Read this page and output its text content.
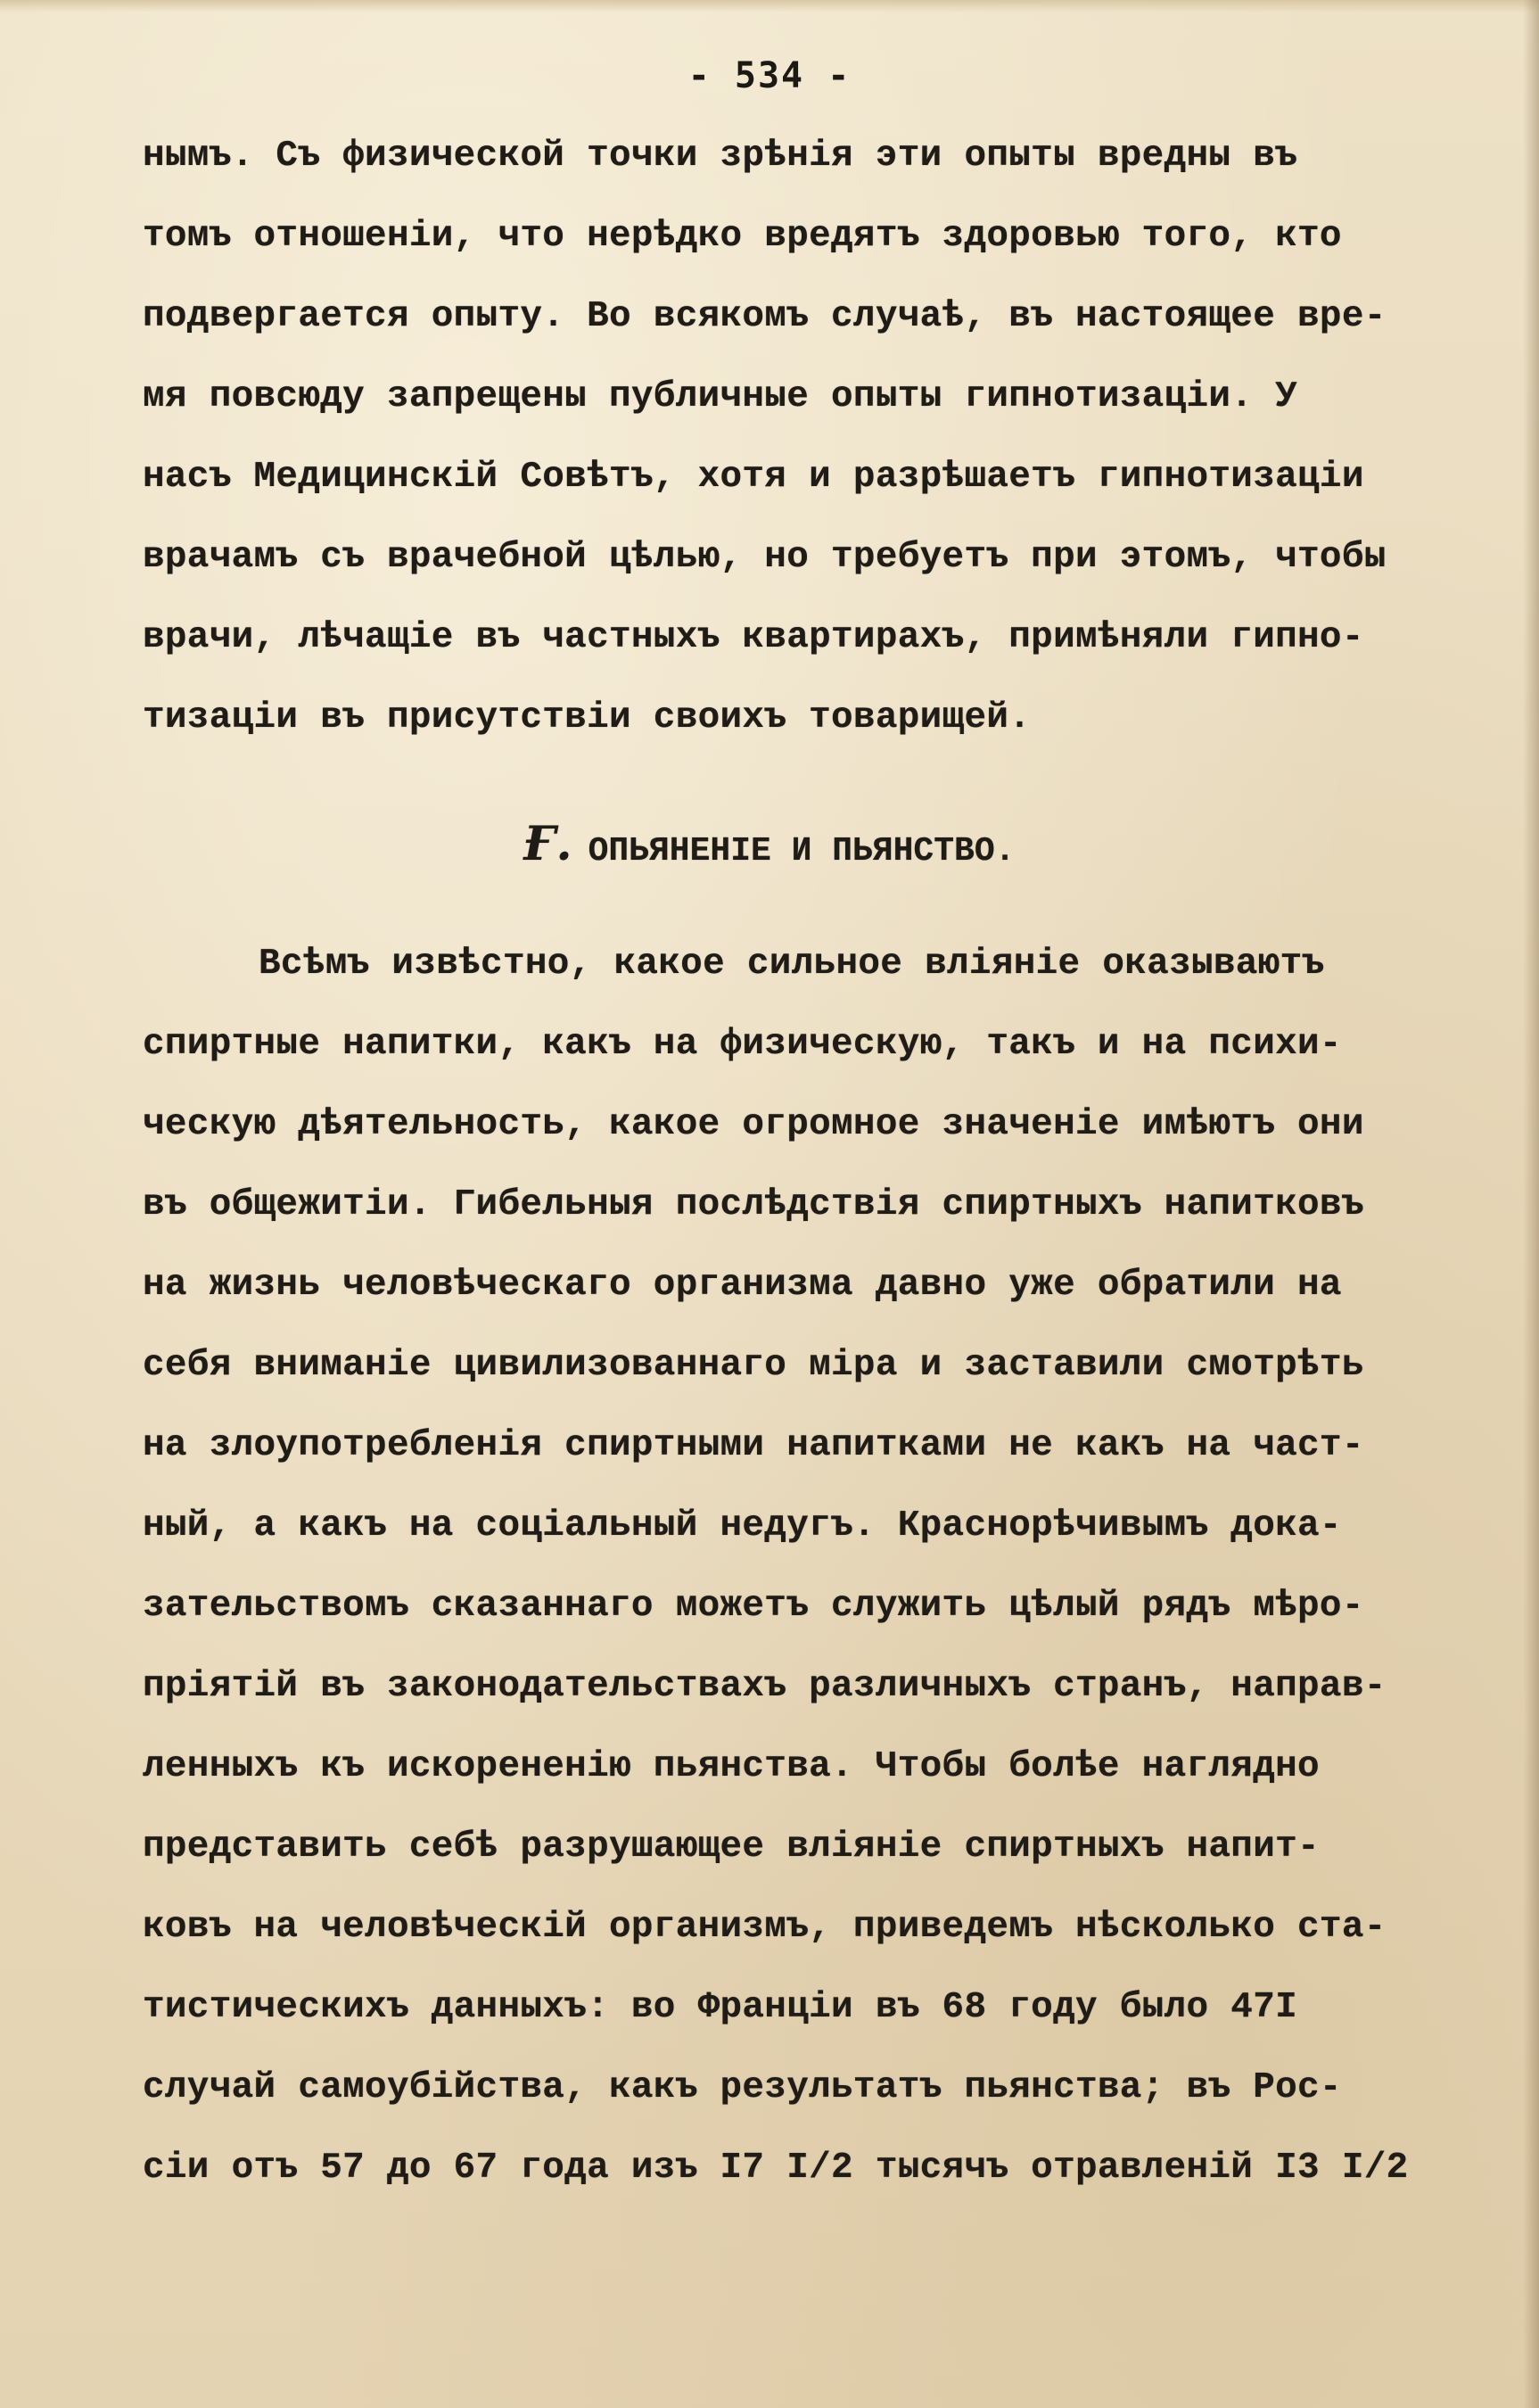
- 534 -
нымъ. Съ физической точки зрѣнія эти опыты вредны въ
томъ отношеніи, что нерѣдко вредятъ здоровью того, кто
подвергается опыту. Во всякомъ случаѣ, въ настоящее вре-
мя повсюду запрещены публичные опыты гипнотизаціи. У
насъ Медицинскій Совѣтъ, хотя и разрѣшаетъ гипнотизаціи
врачамъ съ врачебной цѣлью, но требуетъ при этомъ, чтобы
врачи, лѣчащіе въ частныхъ квартирахъ, примѣняли гипно-
тизаціи въ присутствіи своихъ товарищей.
Ғ. ОПЬЯНЕНІЕ И ПЬЯНСТВО.
Всѣмъ извѣстно, какое сильное вліяніе оказываютъ
спиртные напитки, какъ на физическую, такъ и на психи-
ческую дѣятельность, какое огромное значеніе имѣютъ они
въ общежитіи. Гибельныя послѣдствія спиртныхъ напитковъ
на жизнь человѣческаго организма давно уже обратили на
себя вниманіе цивилизованнаго міра и заставили смотрѣть
на злоупотребленія спиртными напитками не какъ на част-
ный, а какъ на соціальный недугъ. Краснорѣчивымъ дока-
зательствомъ сказаннаго можетъ служить цѣлый рядъ мѣро-
пріятій въ законодательствахъ различныхъ странъ, направ-
ленныхъ къ искорененію пьянства. Чтобы болѣе наглядно
представить себѣ разрушающее вліяніе спиртныхъ напит-
ковъ на человѣческій организмъ, приведемъ нѣсколько ста-
тистическихъ данныхъ: во Франціи въ 68 году было 47I
случай самоубійства, какъ результатъ пьянства; въ Рос-
сіи отъ 57 до 67 года изъ I7 I/2 тысячъ отравленій I3 I/2
